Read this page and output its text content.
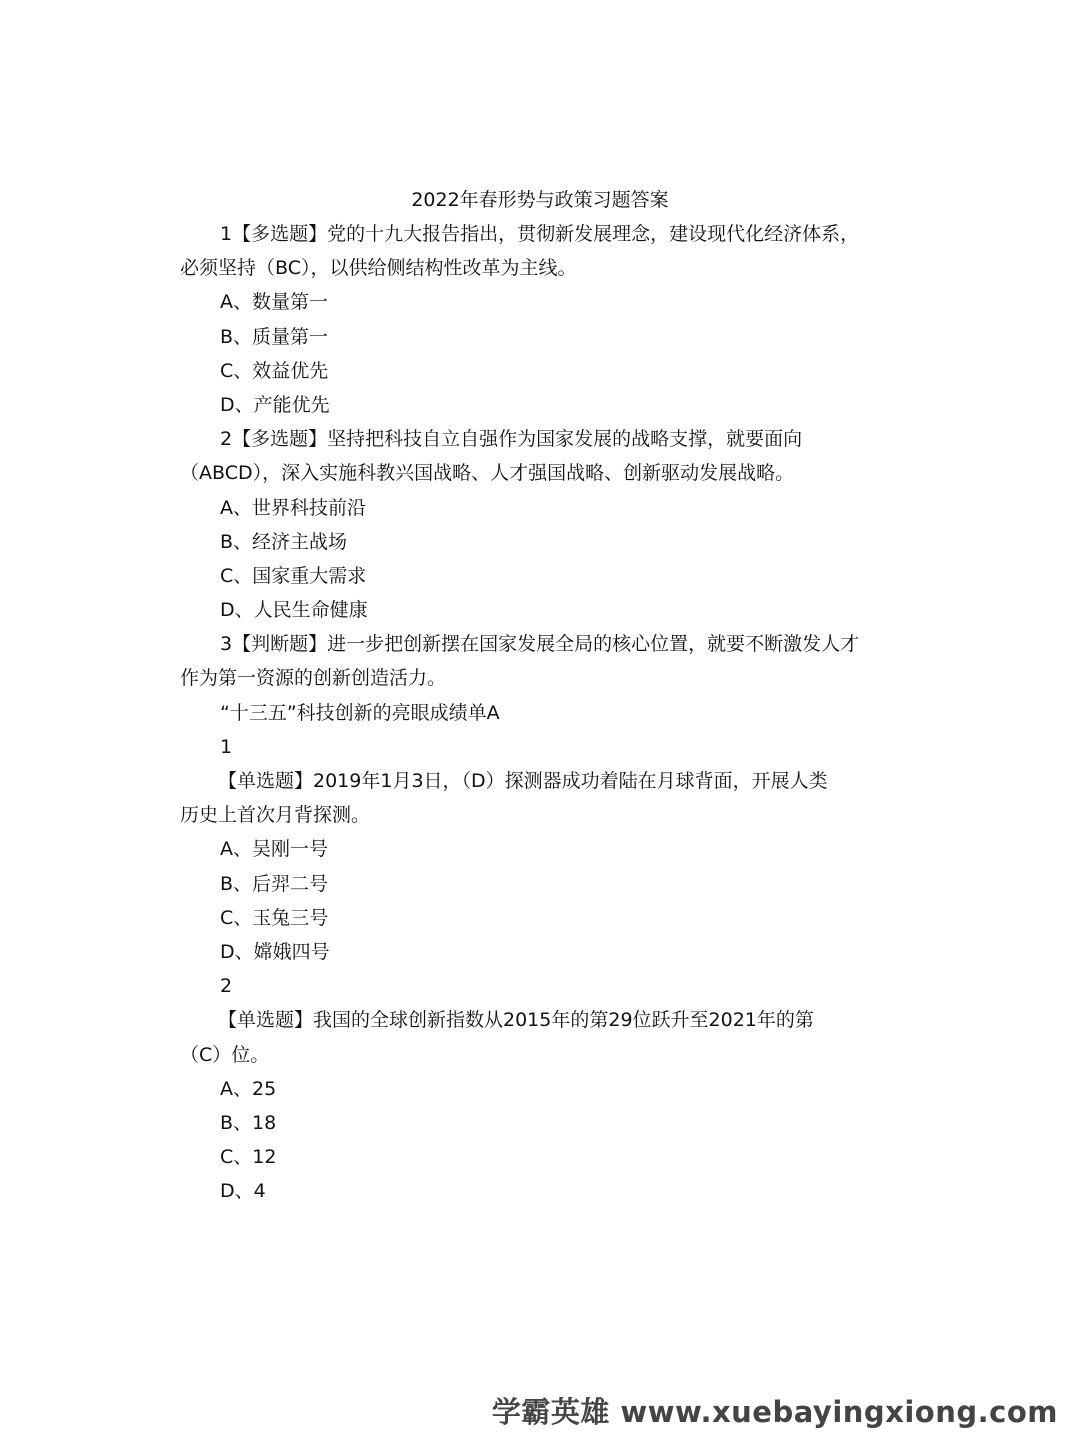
2022年春形势与政策习题答案
1【多选题】党的十九大报告指出，贯彻新发展理念，建设现代化经济体系，
必须坚持（BC），以供给侧结构性改革为主线。
A、数量第一
B、质量第一
C、效益优先
D、产能优先
2【多选题】坚持把科技自立自强作为国家发展的战略支撑，就要面向
（ABCD），深入实施科教兴国战略、人才强国战略、创新驱动发展战略。
A、世界科技前沿
B、经济主战场
C、国家重大需求
D、人民生命健康
3【判断题】进一步把创新摆在国家发展全局的核心位置，就要不断激发人才
作为第一资源的创新创造活力。
“十三五”科技创新的亮眼成绩单A
1
【单选题】2019年1月3日，（D）探测器成功着陆在月球背面，开展人类
历史上首次月背探测。
A、吴刚一号
B、后羿二号
C、玉兔三号
D、嫦娥四号
2
【单选题】我国的全球创新指数从2015年的第29位跃升至2021年的第
（C）位。
A、25
B、18
C、12
D、4
学霸英雄 www.xuebayingxiong.com
